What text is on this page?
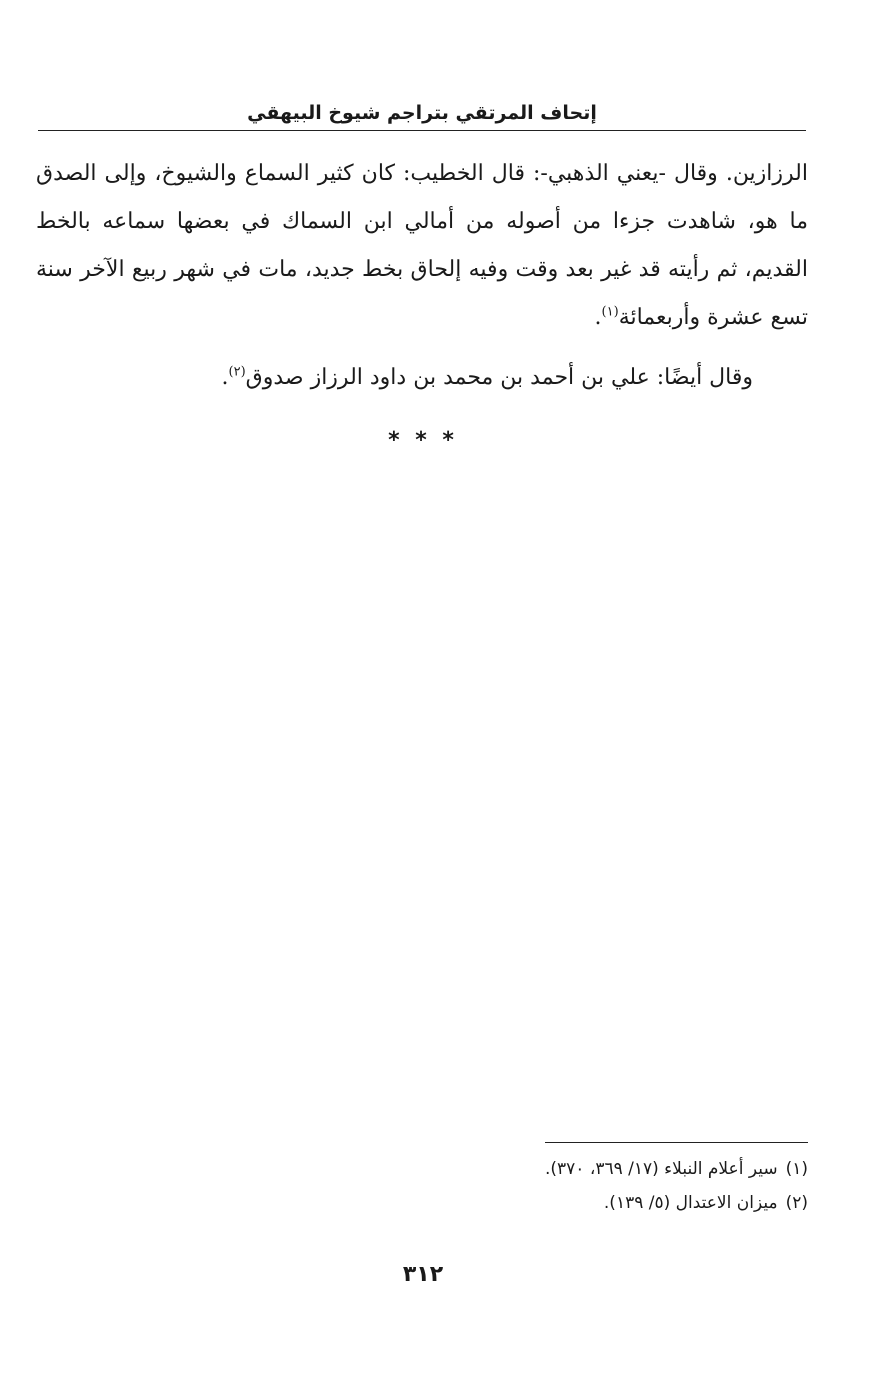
إتحاف المرتقي بتراجم شيوخ البيهقي

الرزازين. وقال -يعني الذهبي-: قال الخطيب: كان كثير السماع والشيوخ، وإلى الصدق ما هو، شاهدت جزءا من أصوله من أمالي ابن السماك في بعضها سماعه بالخط القديم، ثم رأيته قد غير بعد وقت وفيه إلحاق بخط جديد، مات في شهر ربيع الآخر سنة تسع عشرة وأربعمائة$^{(١)}$.

وقال أيضًا: علي بن أحمد بن محمد بن داود الرزاز صدوق$^{(٢)}$.
* * *
(١)سير أعلام النبلاء (١٧/ ٣٦٩، ٣٧٠).
(٢)ميزان الاعتدال (٥/ ١٣٩).
٣١٢
